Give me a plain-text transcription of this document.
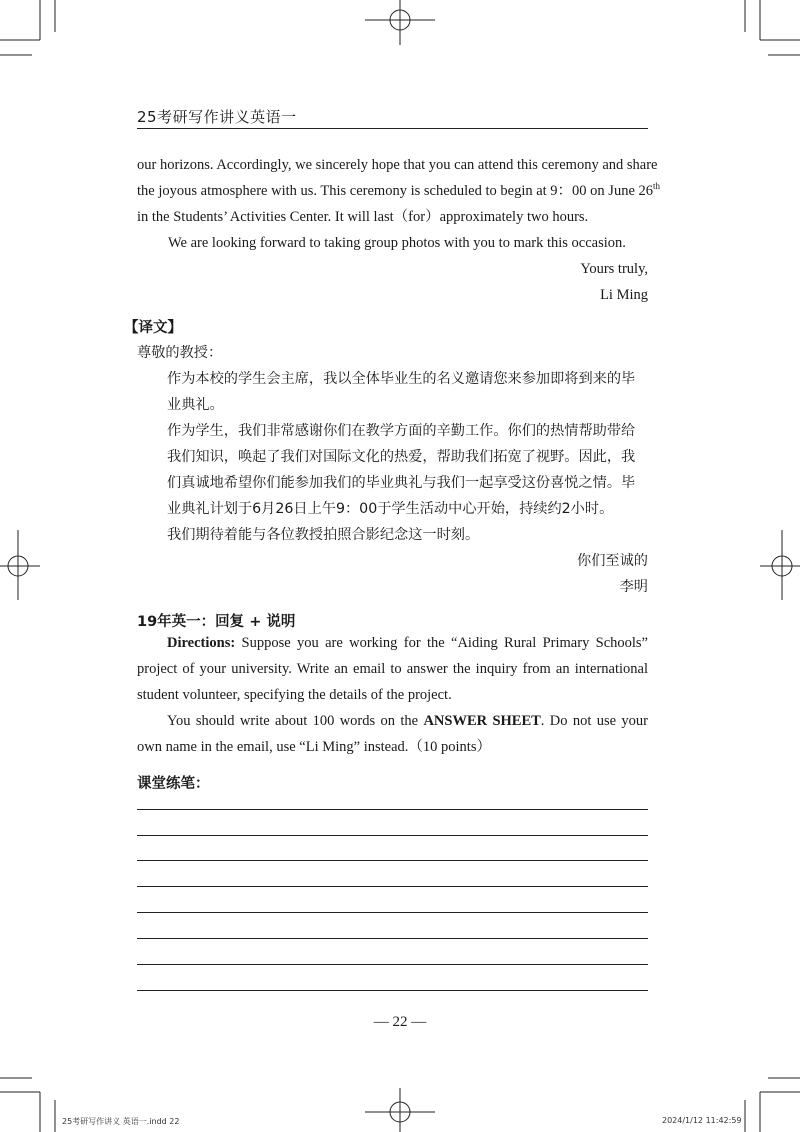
25考研写作讲义英语一
our horizons. Accordingly, we sincerely hope that you can attend this ceremony and share
the joyous atmosphere with us. This ceremony is scheduled to begin at 9：00 on June 26th
in the Students’ Activities Center. It will last（for）approximately two hours.
We are looking forward to taking group photos with you to mark this occasion.
Yours truly,
Li Ming
【译文】
尊敬的教授：
作为本校的学生会主席，我以全体毕业生的名义邀请您来参加即将到来的毕业典礼。
作为学生，我们非常感谢你们在教学方面的辛勤工作。你们的热情帮助带给我们知识，唤起了我们对国际文化的热爱，帮助我们拓宽了视野。因此，我们真诚地希望你们能参加我们的毕业典礼与我们一起享受这份喜悦之情。毕业典礼计划于6月26日上午9：00于学生活动中心开始，持续约2小时。
我们期待着能与各位教授拍照合影纪念这一时刻。
你们至诚的
李明
19年英一：回复 + 说明
Directions: Suppose you are working for the “Aiding Rural Primary Schools” project of your university. Write an email to answer the inquiry from an international student volunteer, specifying the details of the project.
You should write about 100 words on the ANSWER SHEET. Do not use your own name in the email, use “Li Ming” instead.（10 points）
课堂练笔：
— 22 —
25考研写作讲义 英语一.indd 22	2024/1/12 11:42:59
